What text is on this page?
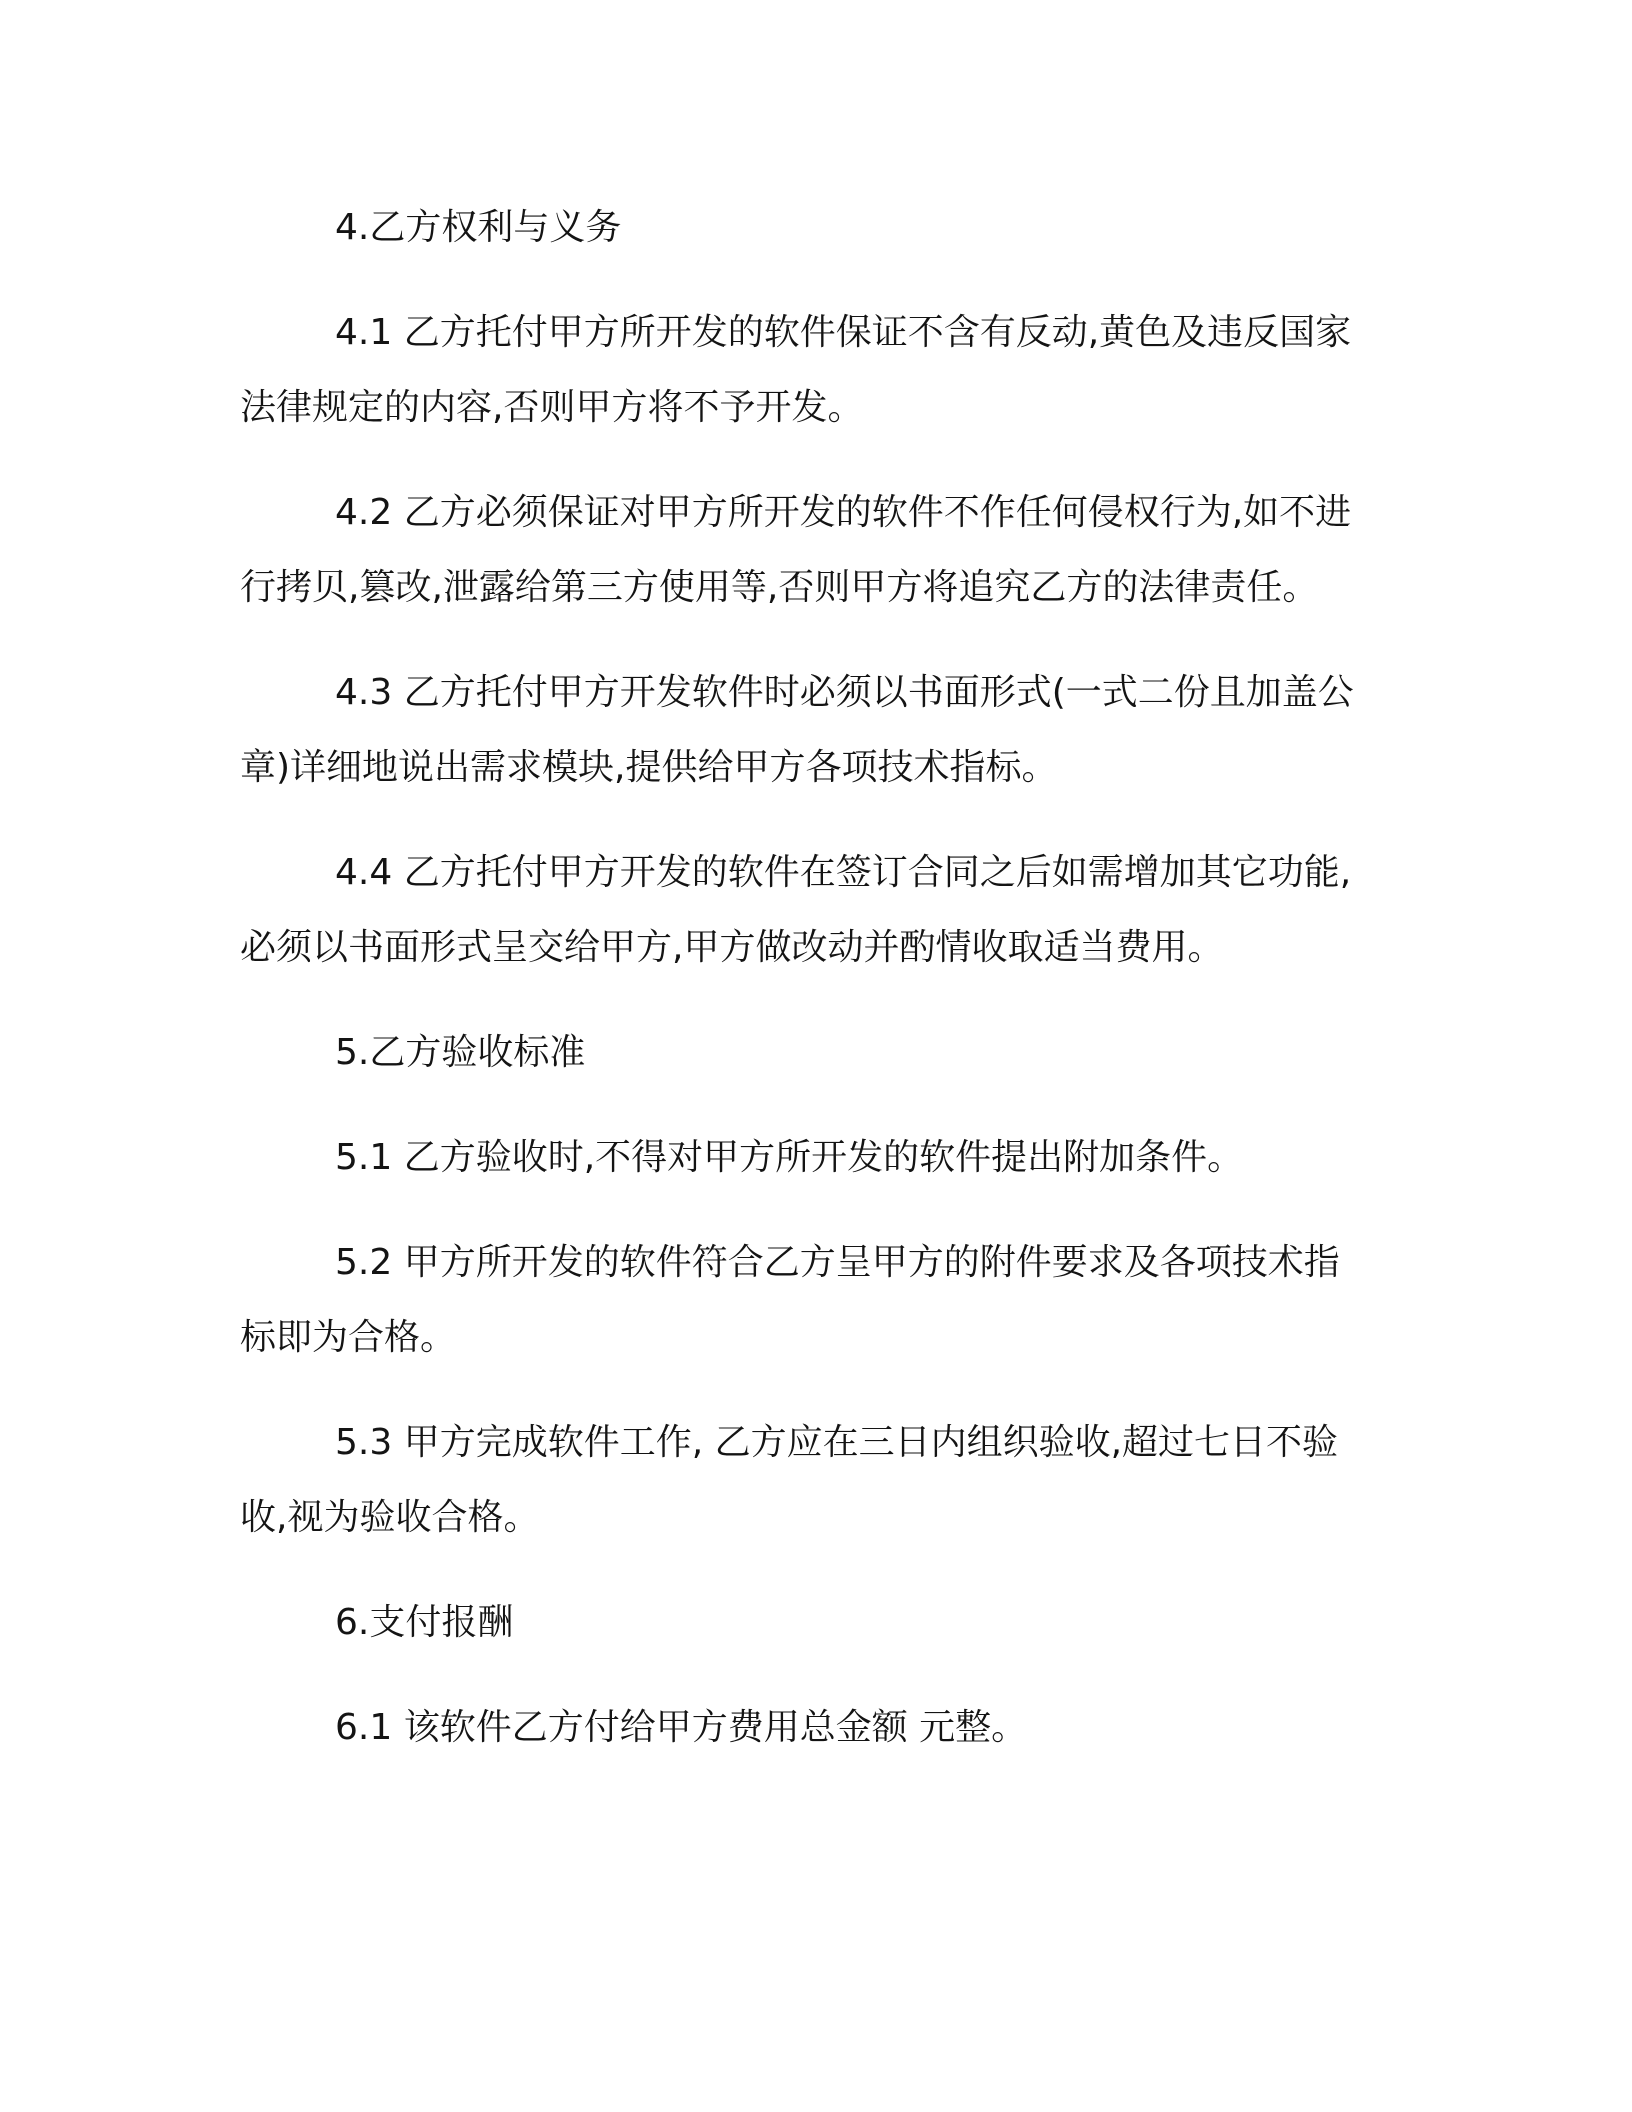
4.乙方权利与义务
4.1 乙方托付甲方所开发的软件保证不含有反动,黄色及违反国家
法律规定的内容,否则甲方将不予开发。
4.2 乙方必须保证对甲方所开发的软件不作任何侵权行为,如不进
行拷贝,篡改,泄露给第三方使用等,否则甲方将追究乙方的法律责任。
4.3 乙方托付甲方开发软件时必须以书面形式(一式二份且加盖公
章)详细地说出需求模块,提供给甲方各项技术指标。
4.4 乙方托付甲方开发的软件在签订合同之后如需增加其它功能,
必须以书面形式呈交给甲方,甲方做改动并酌情收取适当费用。
5.乙方验收标准
5.1 乙方验收时,不得对甲方所开发的软件提出附加条件。
5.2 甲方所开发的软件符合乙方呈甲方的附件要求及各项技术指
标即为合格。
5.3 甲方完成软件工作, 乙方应在三日内组织验收,超过七日不验
收,视为验收合格。
6.支付报酬
6.1 该软件乙方付给甲方费用总金额 元整。
